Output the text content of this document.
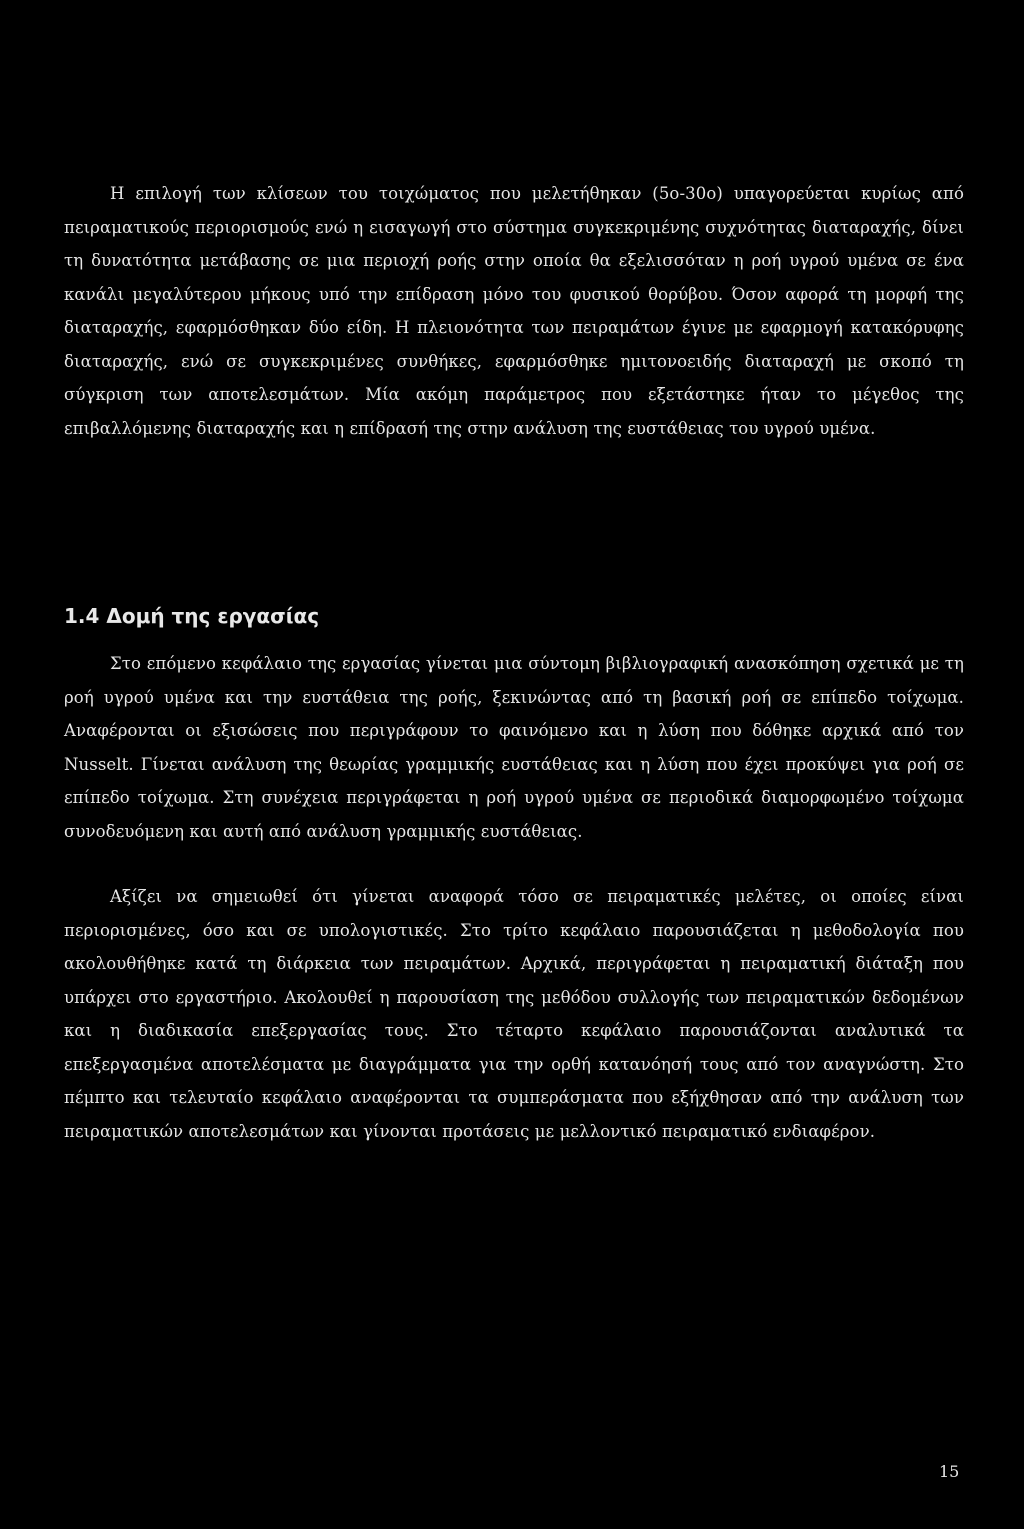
Η επιλογή των κλίσεων του τοιχώματος που μελετήθηκαν (5ο-30ο) υπαγορεύεται κυρίως από πειραματικούς περιορισμούς ενώ η εισαγωγή στο σύστημα συγκεκριμένης συχνότητας διαταραχής, δίνει τη δυνατότητα μετάβασης σε μια περιοχή ροής στην οποία θα εξελισσόταν η ροή υγρού υμένα σε ένα κανάλι μεγαλύτερου μήκους υπό την επίδραση μόνο του φυσικού θορύβου. Όσον αφορά τη μορφή της διαταραχής, εφαρμόσθηκαν δύο είδη. Η πλειονότητα των πειραμάτων έγινε με εφαρμογή κατακόρυφης διαταραχής, ενώ σε συγκεκριμένες συνθήκες, εφαρμόσθηκε ημιτονοειδής διαταραχή με σκοπό τη σύγκριση των αποτελεσμάτων. Μία ακόμη παράμετρος που εξετάστηκε ήταν το μέγεθος της επιβαλλόμενης διαταραχής και η επίδρασή της στην ανάλυση της ευστάθειας του υγρού υμένα.

1.4 Δομή της εργασίας

Στο επόμενο κεφάλαιο της εργασίας γίνεται μια σύντομη βιβλιογραφική ανασκόπηση σχετικά με τη ροή υγρού υμένα και την ευστάθεια της ροής, ξεκινώντας από τη βασική ροή σε επίπεδο τοίχωμα. Αναφέρονται οι εξισώσεις που περιγράφουν το φαινόμενο και η λύση που δόθηκε αρχικά από τον Nusselt. Γίνεται ανάλυση της θεωρίας γραμμικής ευστάθειας και η λύση που έχει προκύψει για ροή σε επίπεδο τοίχωμα. Στη συνέχεια περιγράφεται η ροή υγρού υμένα σε περιοδικά διαμορφωμένο τοίχωμα συνοδευόμενη και αυτή από ανάλυση γραμμικής ευστάθειας.

Αξίζει να σημειωθεί ότι γίνεται αναφορά τόσο σε πειραματικές μελέτες, οι οποίες είναι περιορισμένες, όσο και σε υπολογιστικές. Στο τρίτο κεφάλαιο παρουσιάζεται η μεθοδολογία που ακολουθήθηκε κατά τη διάρκεια των πειραμάτων. Αρχικά, περιγράφεται η πειραματική διάταξη που υπάρχει στο εργαστήριο. Ακολουθεί η παρουσίαση της μεθόδου συλλογής των πειραματικών δεδομένων και η διαδικασία επεξεργασίας τους. Στο τέταρτο κεφάλαιο παρουσιάζονται αναλυτικά τα επεξεργασμένα αποτελέσματα με διαγράμματα για την ορθή κατανόησή τους από τον αναγνώστη. Στο πέμπτο και τελευταίο κεφάλαιο αναφέρονται τα συμπεράσματα που εξήχθησαν από την ανάλυση των πειραματικών αποτελεσμάτων και γίνονται προτάσεις με μελλοντικό πειραματικό ενδιαφέρον.

15
